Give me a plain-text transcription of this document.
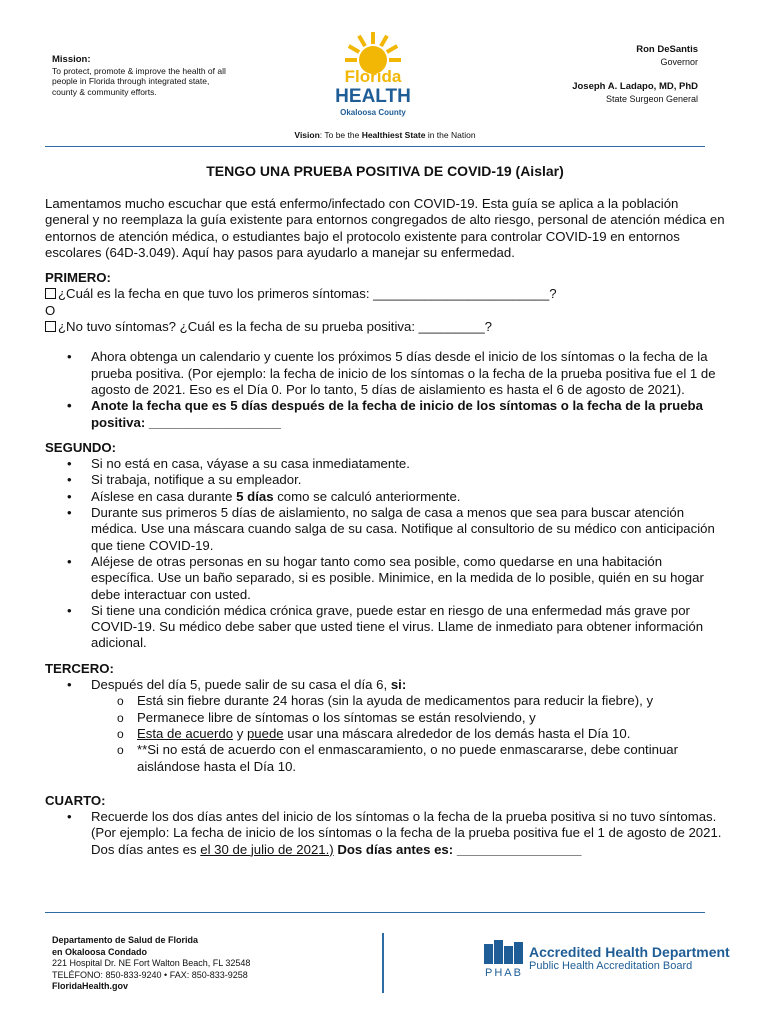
Mission:
To protect, promote & improve the health of all people in Florida through integrated state, county & community efforts.
Florida
HEALTH
Okaloosa County
Ron DeSantis
Governor
Joseph A. Ladapo, MD, PhD
State Surgeon General
Vision: To be the Healthiest State in the Nation
TENGO UNA PRUEBA POSITIVA DE COVID-19 (Aislar)

Lamentamos mucho escuchar que está enfermo/infectado con COVID-19. Esta guía se aplica a la población general y no reemplaza la guía existente para entornos congregados de alto riesgo, personal de atención médica en entornos de atención médica, o estudiantes bajo el protocolo existente para controlar COVID-19 en entornos escolares (64D-3.049). Aquí hay pasos para ayudarlo a manejar su enfermedad.

PRIMERO:
¿Cuál es la fecha en que tuvo los primeros síntomas: ________________________?
O
¿No tuvo síntomas? ¿Cuál es la fecha de su prueba positiva: _________?
• Ahora obtenga un calendario y cuente los próximos 5 días desde el inicio de los síntomas o la fecha de la prueba positiva. (Por ejemplo: la fecha de inicio de los síntomas o la fecha de la prueba positiva fue el 1 de agosto de 2021. Eso es el Día 0. Por lo tanto, 5 días de aislamiento es hasta el 6 de agosto de 2021).
• Anote la fecha que es 5 días después de la fecha de inicio de los síntomas o la fecha de la prueba positiva: __________________
SEGUNDO:
• Si no está en casa, váyase a su casa inmediatamente.
• Si trabaja, notifique a su empleador.
• Aíslese en casa durante 5 días como se calculó anteriormente.
• Durante sus primeros 5 días de aislamiento, no salga de casa a menos que sea para buscar atención médica. Use una máscara cuando salga de su casa. Notifique al consultorio de su médico con anticipación que tiene COVID-19.
• Aléjese de otras personas en su hogar tanto como sea posible, como quedarse en una habitación específica. Use un baño separado, si es posible. Minimice, en la medida de lo posible, quién en su hogar debe interactuar con usted.
• Si tiene una condición médica crónica grave, puede estar en riesgo de una enfermedad más grave por COVID-19. Su médico debe saber que usted tiene el virus. Llame de inmediato para obtener información adicional.
TERCERO:
• Después del día 5, puede salir de su casa el día 6, si:
o Está sin fiebre durante 24 horas (sin la ayuda de medicamentos para reducir la fiebre), y
o Permanece libre de síntomas o los síntomas se están resolviendo, y
o Esta de acuerdo y puede usar una máscara alrededor de los demás hasta el Día 10.
o **Si no está de acuerdo con el enmascaramiento, o no puede enmascararse, debe continuar aislándose hasta el Día 10.
CUARTO:
• Recuerde los dos días antes del inicio de los síntomas o la fecha de la prueba positiva si no tuvo síntomas. (Por ejemplo: La fecha de inicio de los síntomas o la fecha de la prueba positiva fue el 1 de agosto de 2021. Dos días antes es el 30 de julio de 2021.) Dos días antes es: _________________
Departamento de Salud de Florida
en Okaloosa Condado
221 Hospital Dr. NE Fort Walton Beach, FL 32548
TELÉFONO: 850-833-9240 • FAX: 850-833-9258
FloridaHealth.gov
PHAB
Accredited Health Department
Public Health Accreditation Board
